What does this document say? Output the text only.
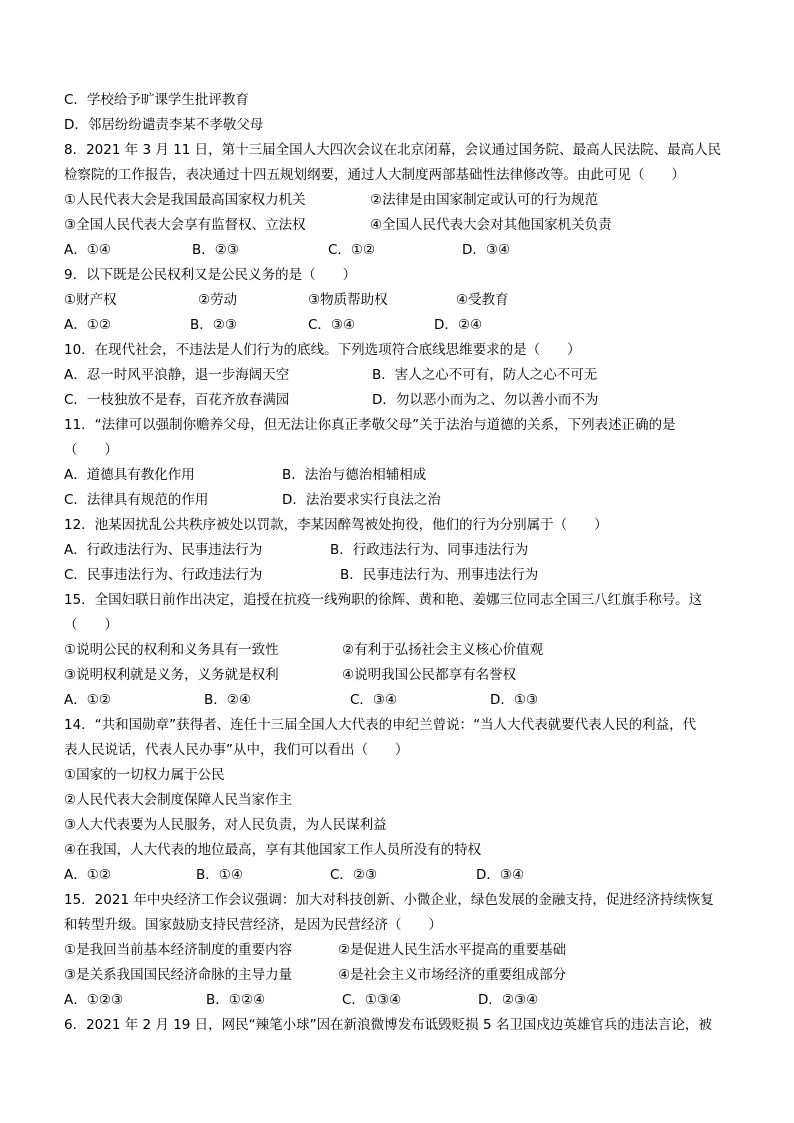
C．学校给予旷课学生批评教育
D．邻居纷纷谴责李某不孝敬父母
8．2021 年 3 月 11 日，第十三届全国人大四次会议在北京闭幕，会议通过国务院、最高人民法院、最高人民
检察院的工作报告，表决通过十四五规划纲要，通过人大制度两部基础性法律修改等。由此可见（　　）
①人民代表大会是我国最高国家权力机关	②法律是由国家制定或认可的行为规范
③全国人民代表大会享有监督权、立法权	④全国人民代表大会对其他国家机关负责
A．①④	B．②③	C．①②	D．③④
9．以下既是公民权利又是公民义务的是（　　）
①财产权	②劳动	③物质帮助权	④受教育
A．①②	B．②③	C．③④	D．②④
10．在现代社会，不违法是人们行为的底线。下列选项符合底线思维要求的是（　　）
A．忍一时风平浪静，退一步海阔天空	B．害人之心不可有，防人之心不可无
C．一枝独放不是春，百花齐放春满园	D．勿以恶小而为之、勿以善小而不为
11．“法律可以强制你赡养父母，但无法让你真正孝敬父母”关于法治与道德的关系，下列表述正确的是
（　　）
A．道德具有教化作用	B．法治与德治相辅相成
C．法律具有规范的作用	D．法治要求实行良法之治
12．池某因扰乱公共秩序被处以罚款，李某因醉驾被处拘役，他们的行为分别属于（　　）
A．行政违法行为、民事违法行为	B．行政违法行为、同事违法行为
C．民事违法行为、行政违法行为	B．民事违法行为、刑事违法行为
15．全国妇联日前作出决定，追授在抗疫一线殉职的徐辉、黄和艳、姜娜三位同志全国三八红旗手称号。这
（　　）
①说明公民的权利和义务具有一致性	②有利于弘扬社会主义核心价值观
③说明权利就是义务，义务就是权利	④说明我国公民都享有名誉权
A．①②	B．②④	C．③④	D．①③
14．“共和国勋章”获得者、连任十三届全国人大代表的申纪兰曾说：“当人大代表就要代表人民的利益，代
表人民说话，代表人民办事”从中，我们可以看出（　　）
①国家的一切权力属于公民
②人民代表大会制度保障人民当家作主
③人大代表要为人民服务，对人民负责，为人民谋利益
④在我国，人大代表的地位最高，享有其他国家工作人员所没有的特权
A．①②	B．①④	C．②③	D．③④
15．2021 年中央经济工作会议强调：加大对科技创新、小微企业，绿色发展的金融支持，促进经济持续恢复
和转型升级。国家鼓励支持民营经济，是因为民营经济（　　）
①是我回当前基本经济制度的重要内容	②是促进人民生活水平提高的重要基础
③是关系我国国民经济命脉的主导力量	④是社会主义市场经济的重要组成部分
A．①②③	B．①②④	C．①③④	D．②③④
6．2021 年 2 月 19 日，网民“辣笔小球”因在新浪微博发布诋毁贬损 5 名卫国戍边英雄官兵的违法言论，被
